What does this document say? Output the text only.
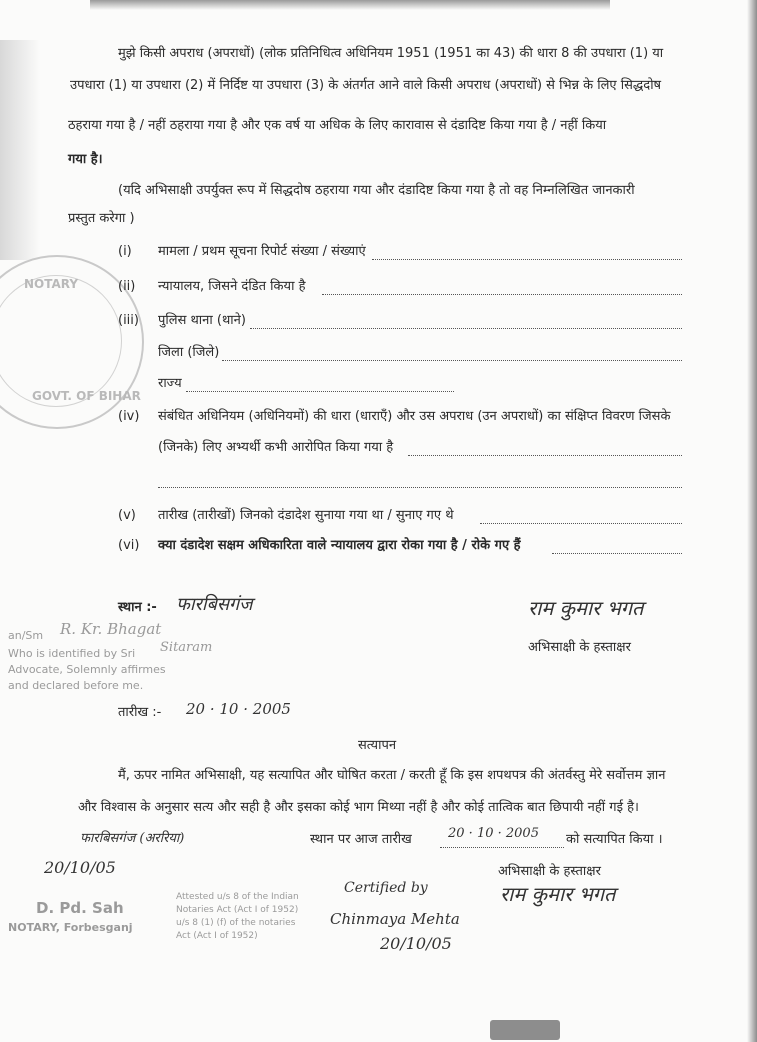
NOTARY
GOVT. OF BIHAR
मुझे किसी अपराध (अपराधों) (लोक प्रतिनिधित्व अधिनियम 1951 (1951 का 43) की धारा 8 की उपधारा (1) या
उपधारा (1) या उपधारा (2) में निर्दिष्ट या उपधारा (3) के अंतर्गत आने वाले किसी अपराध (अपराधों) से भिन्न के लिए सिद्धदोष
ठहराया गया है / नहीं ठहराया गया है और एक वर्ष या अधिक के लिए कारावास से दंडादिष्ट किया गया है / नहीं किया
गया है।
(यदि अभिसाक्षी उपर्युक्त रूप में सिद्धदोष ठहराया गया और दंडादिष्ट किया गया है तो वह निम्नलिखित जानकारी
प्रस्तुत करेगा )
(i) मामला / प्रथम सूचना रिपोर्ट संख्या / संख्याएं
(ii) न्यायालय, जिसने दंडित किया है
(iii) पुलिस थाना (थाने)
जिला (जिले)
राज्य
(iv) संबंधित अधिनियम (अधिनियमों) की धारा (धाराएँ) और उस अपराध (उन अपराधों) का संक्षिप्त विवरण जिसके
(जिनके) लिए अभ्यर्थी कभी आरोपित किया गया है
(v) तारीख (तारीखों) जिनको दंडादेश सुनाया गया था / सुनाए गए थे
(vi) क्या दंडादेश सक्षम अधिकारिता वाले न्यायालय द्वारा रोका गया है / रोके गए हैं
स्थान :- फारबिसगंज	राम कुमार भगत
अभिसाक्षी के हस्ताक्षर
an/Sm R. Kr. Bhagat
Who is identified by Sri Sitaram
Advocate, Solemnly affirmes
and declared before me.
तारीख :- 20 · 10 · 2005
सत्यापन
मैं, ऊपर नामित अभिसाक्षी, यह सत्यापित और घोषित करता / करती हूँ कि इस शपथपत्र की अंतर्वस्तु मेरे सर्वोत्तम ज्ञान
और विश्वास के अनुसार सत्य और सही है और इसका कोई भाग मिथ्या नहीं है और कोई तात्विक बात छिपायी नहीं गई है।
फारबिसगंज (अररिया)	स्थान पर आज तारीख	20 · 10 · 2005 को सत्यापित किया ।
अभिसाक्षी के हस्ताक्षर
राम कुमार भगत
20/10/05
D. Pd. Sah
NOTARY, Forbesganj
Attested u/s 8 of the Indian
Notaries Act (Act I of 1952)
u/s 8 (1) (f) of the notaries
Act (Act I of 1952)
Certified by
Chinmaya Mehta
20/10/05
